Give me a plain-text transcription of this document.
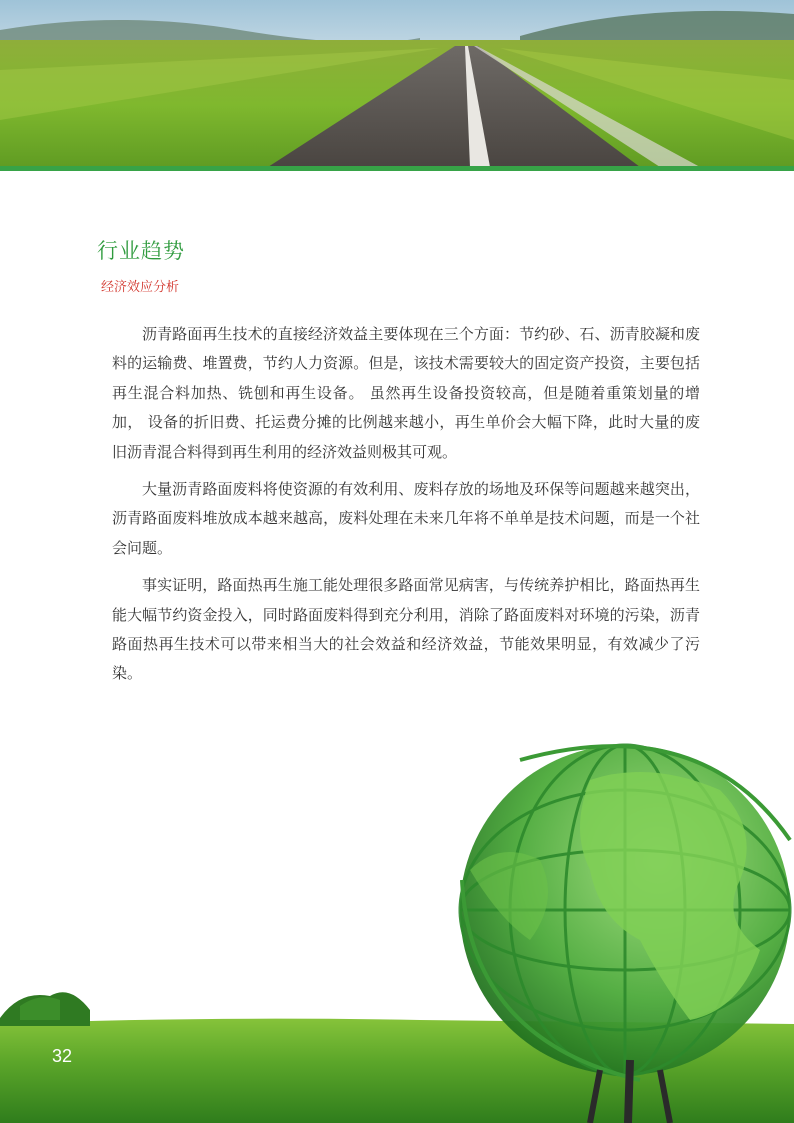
行业趋势
经济效应分析

沥青路面再生技术的直接经济效益主要体现在三个方面：节约砂、石、沥青胶凝和废料的运输费、堆置费，节约人力资源。但是，该技术需要较大的固定资产投资，主要包括再生混合料加热、铣刨和再生设备。 虽然再生设备投资较高，但是随着重策划量的增加， 设备的折旧费、托运费分摊的比例越来越小，再生单价会大幅下降，此时大量的废旧沥青混合料得到再生利用的经济效益则极其可观。

大量沥青路面废料将使资源的有效利用、废料存放的场地及环保等问题越来越突出，沥青路面废料堆放成本越来越高，废料处理在未来几年将不单单是技术问题，而是一个社会问题。

事实证明，路面热再生施工能处理很多路面常见病害，与传统养护相比，路面热再生能大幅节约资金投入，同时路面废料得到充分利用，消除了路面废料对环境的污染，沥青路面热再生技术可以带来相当大的社会效益和经济效益，节能效果明显，有效减少了污染。

32
